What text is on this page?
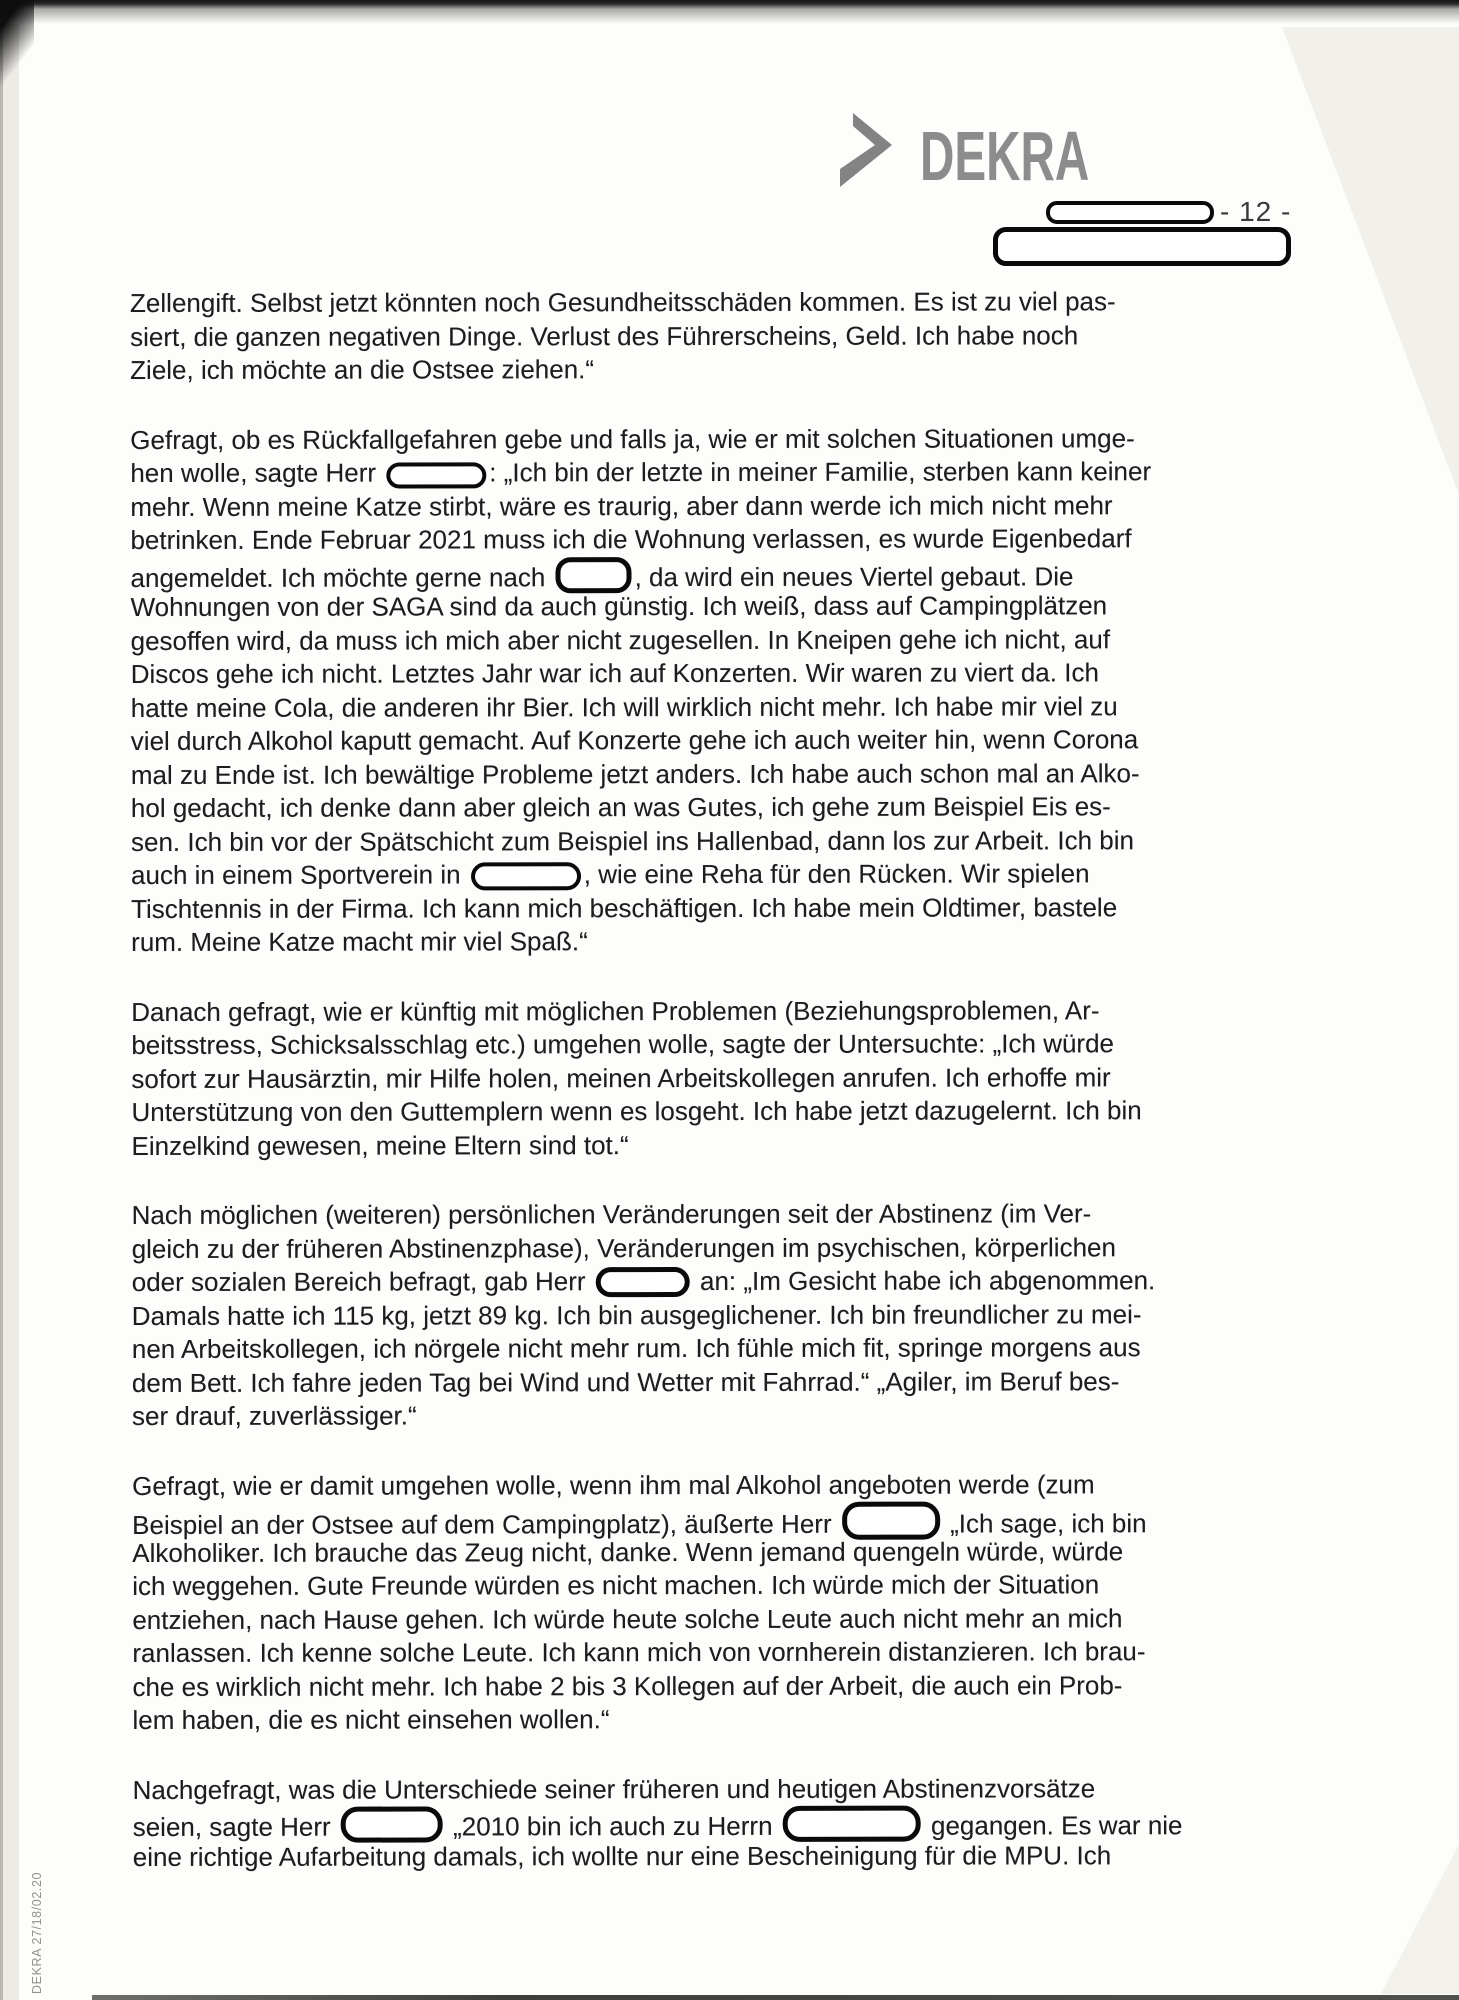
DEKRA
- 12 -
Zellengift. Selbst jetzt könnten noch Gesundheitsschäden kommen. Es ist zu viel pas-
siert, die ganzen negativen Dinge. Verlust des Führerscheins, Geld. Ich habe noch
Ziele, ich möchte an die Ostsee ziehen.“
Gefragt, ob es Rückfallgefahren gebe und falls ja, wie er mit solchen Situationen umge-
hen wolle, sagte Herr	: „Ich bin der letzte in meiner Familie, sterben kann keiner
mehr. Wenn meine Katze stirbt, wäre es traurig, aber dann werde ich mich nicht mehr
betrinken. Ende Februar 2021 muss ich die Wohnung verlassen, es wurde Eigenbedarf
angemeldet. Ich möchte gerne nach	, da wird ein neues Viertel gebaut. Die
Wohnungen von der SAGA sind da auch günstig. Ich weiß, dass auf Campingplätzen
gesoffen wird, da muss ich mich aber nicht zugesellen. In Kneipen gehe ich nicht, auf
Discos gehe ich nicht. Letztes Jahr war ich auf Konzerten. Wir waren zu viert da. Ich
hatte meine Cola, die anderen ihr Bier. Ich will wirklich nicht mehr. Ich habe mir viel zu
viel durch Alkohol kaputt gemacht. Auf Konzerte gehe ich auch weiter hin, wenn Corona
mal zu Ende ist. Ich bewältige Probleme jetzt anders. Ich habe auch schon mal an Alko-
hol gedacht, ich denke dann aber gleich an was Gutes, ich gehe zum Beispiel Eis es-
sen. Ich bin vor der Spätschicht zum Beispiel ins Hallenbad, dann los zur Arbeit. Ich bin
auch in einem Sportverein in	, wie eine Reha für den Rücken. Wir spielen
Tischtennis in der Firma. Ich kann mich beschäftigen. Ich habe mein Oldtimer, bastele
rum. Meine Katze macht mir viel Spaß.“
Danach gefragt, wie er künftig mit möglichen Problemen (Beziehungsproblemen, Ar-
beitsstress, Schicksalsschlag etc.) umgehen wolle, sagte der Untersuchte: „Ich würde
sofort zur Hausärztin, mir Hilfe holen, meinen Arbeitskollegen anrufen. Ich erhoffe mir
Unterstützung von den Guttemplern wenn es losgeht. Ich habe jetzt dazugelernt. Ich bin
Einzelkind gewesen, meine Eltern sind tot.“
Nach möglichen (weiteren) persönlichen Veränderungen seit der Abstinenz (im Ver-
gleich zu der früheren Abstinenzphase), Veränderungen im psychischen, körperlichen
oder sozialen Bereich befragt, gab Herr	an: „Im Gesicht habe ich abgenommen.
Damals hatte ich 115 kg, jetzt 89 kg. Ich bin ausgeglichener. Ich bin freundlicher zu mei-
nen Arbeitskollegen, ich nörgele nicht mehr rum. Ich fühle mich fit, springe morgens aus
dem Bett. Ich fahre jeden Tag bei Wind und Wetter mit Fahrrad.“ „Agiler, im Beruf bes-
ser drauf, zuverlässiger.“
Gefragt, wie er damit umgehen wolle, wenn ihm mal Alkohol angeboten werde (zum
Beispiel an der Ostsee auf dem Campingplatz), äußerte Herr	„Ich sage, ich bin
Alkoholiker. Ich brauche das Zeug nicht, danke. Wenn jemand quengeln würde, würde
ich weggehen. Gute Freunde würden es nicht machen. Ich würde mich der Situation
entziehen, nach Hause gehen. Ich würde heute solche Leute auch nicht mehr an mich
ranlassen. Ich kenne solche Leute. Ich kann mich von vornherein distanzieren. Ich brau-
che es wirklich nicht mehr. Ich habe 2 bis 3 Kollegen auf der Arbeit, die auch ein Prob-
lem haben, die es nicht einsehen wollen.“
Nachgefragt, was die Unterschiede seiner früheren und heutigen Abstinenzvorsätze
seien, sagte Herr	„2010 bin ich auch zu Herrn	gegangen. Es war nie
eine richtige Aufarbeitung damals, ich wollte nur eine Bescheinigung für die MPU. Ich
DEKRA 27/18/02.20
